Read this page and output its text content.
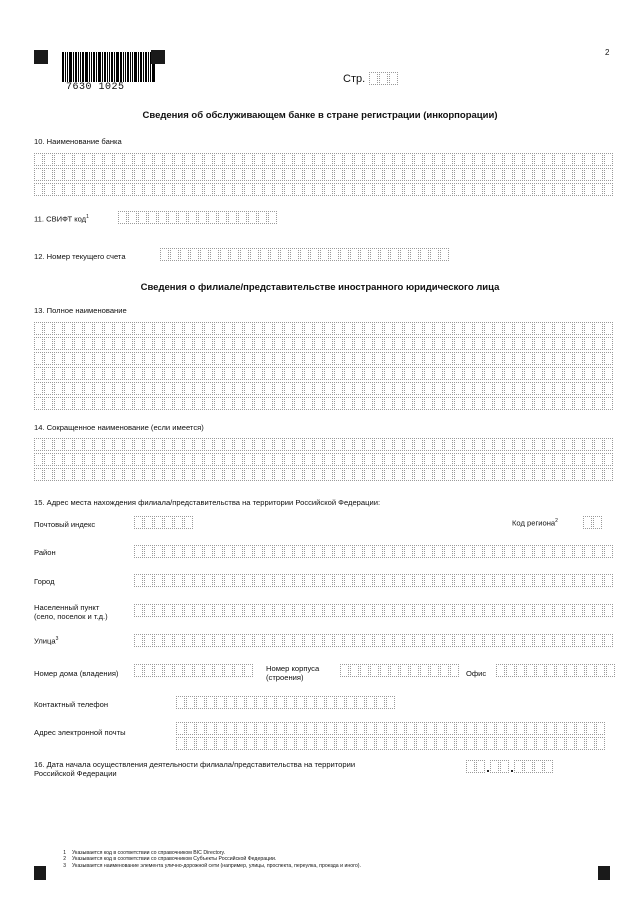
7630 1025
2
Стр.
Сведения об обслуживающем банке в стране регистрации (инкорпорации)
10. Наименование банка
11. СВИФТ код$^1$
12. Номер текущего счета
Сведения о филиале/представительстве иностранного юридического лица
13. Полное наименование
14. Сокращенное наименование (если имеется)
15. Адрес места нахождения филиала/представительства на территории Российской Федерации:
Почтовый индекс	Код региона$^2$
Район
Город
Населенный пункт
(село, поселок и т.д.)
Улица$^3$
Номер дома (владения)
Номер корпуса
(строения)	Офис
Контактный телефон
Адрес электронной почты
16. Дата начала осуществления деятельности филиала/представительства на территории
Российской Федерации
1
2
3
Указывается код в соответствии со справочником BIC Directory.
Указывается код в соответствии со справочником Субъекты Российской Федерации.
Указывается наименование элемента улично-дорожной сети (например, улицы, проспекта, переулка, проезда и иного).
